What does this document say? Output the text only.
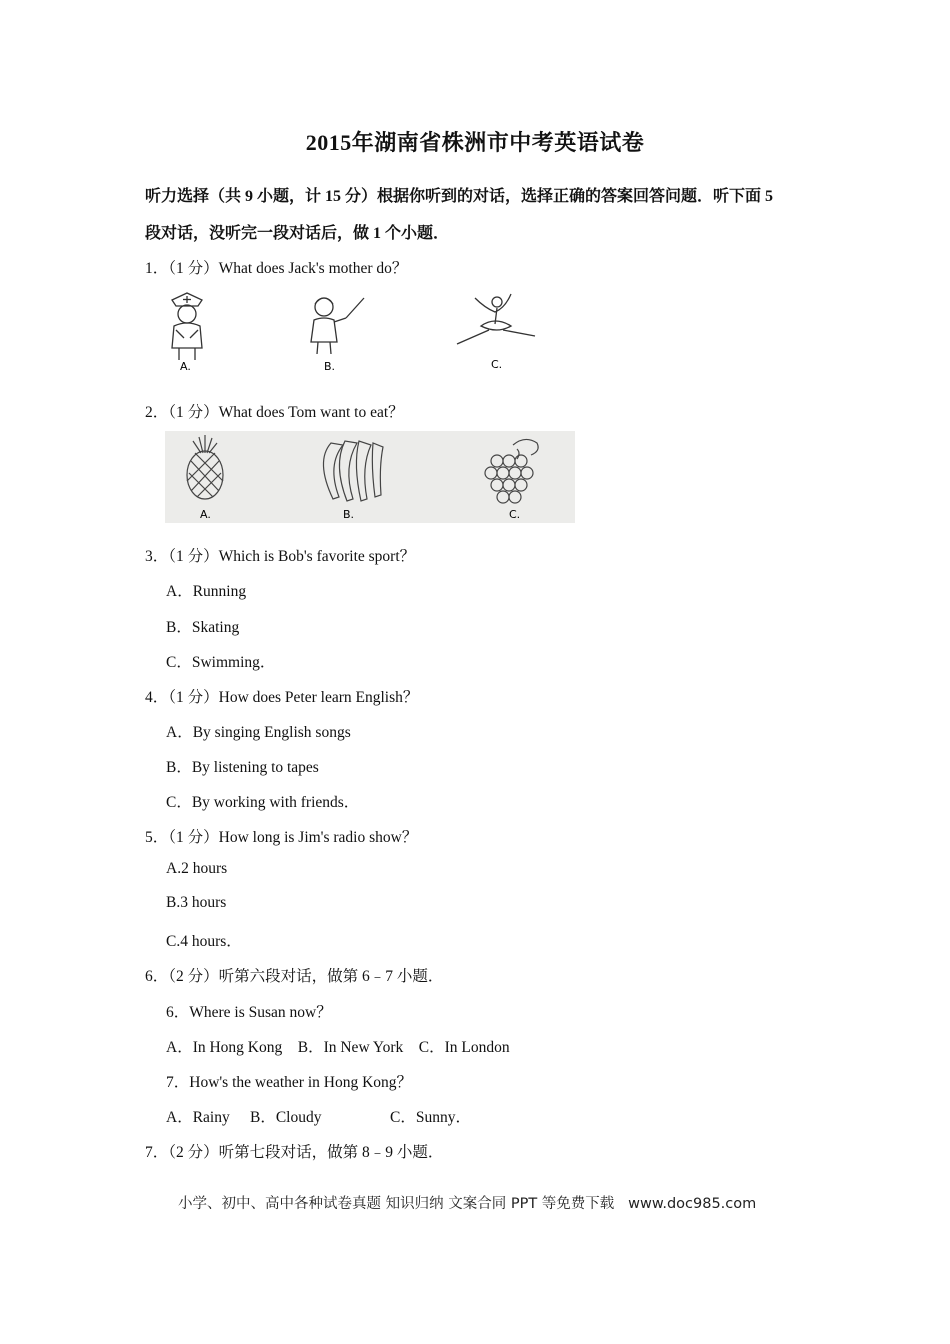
2015年湖南省株洲市中考英语试卷
听力选择（共 9 小题，计 15 分）根据你听到的对话，选择正确的答案回答问题．听下面 5
段对话，没听完一段对话后，做 1 个小题．
1．（1 分）What does Jack's mother do？
A.	B.	C.
2．（1 分）What does Tom want to eat？
A.	B.	C.
3．（1 分）Which is Bob's favorite sport？
A．Running
B．Skating
C．Swimming．
4．（1 分）How does Peter learn English？
A．By singing English songs
B．By listening to tapes
C．By working with friends．
5．（1 分）How long is Jim's radio show？
A.2 hours
B.3 hours
C.4 hours．
6．（2 分）听第六段对话，做第 6﹣7 小题．
6．Where is Susan now？
A．In Hong Kong    B．In New York    C．In London
7．How's the weather in Hong Kong？
A．Rainy B．Cloudy	C．Sunny．
7．（2 分）听第七段对话，做第 8﹣9 小题．
小学、初中、高中各种试卷真题 知识归纳 文案合同 PPT 等免费下载   www.doc985.com
